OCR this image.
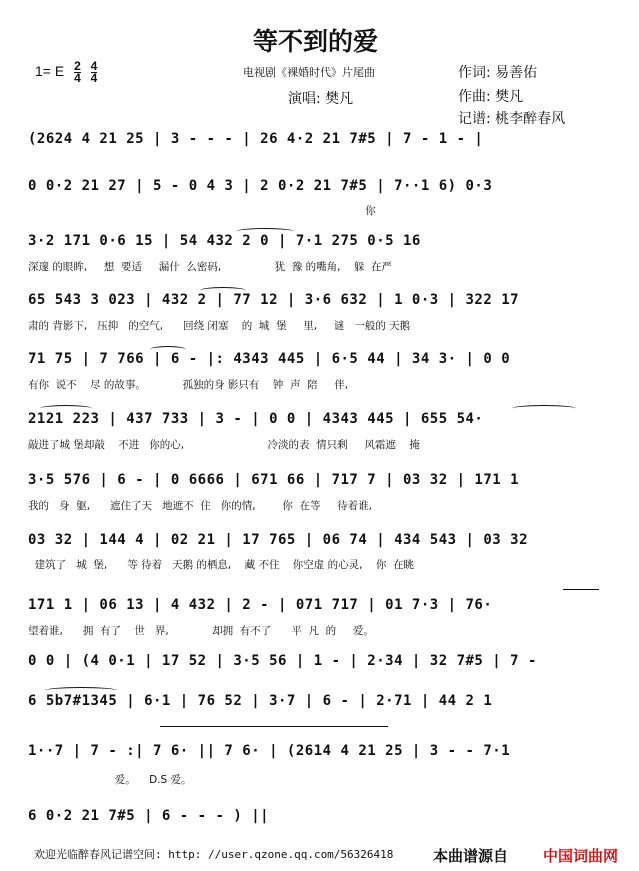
等不到的爱
1= E $\frac{2}{4}$
$\frac{4}{4}$	电视剧《裸婚时代》片尾曲
演唱: 樊凡
作词: 易善佑
作曲: 樊凡
记谱: 桃李醉春风
(2624 4 21 25 | 3 - - - | 26 4·2 21 7#5 | 7 - 1 - |
0 0·2 21 27 | 5 - 0 4 3 | 2 0·2 21 7#5 | 7··1 6) 0·3
你
3·2 171 0·6 15 | 54 432 2 0 | 7·1 275 0·5 16
深邃 的眼眸,     想  要适     漏什  么密码,                犹  豫 的嘴角,    躲  在严
65 543 3 023 | 432 2 | 77 12 | 3·6 632 | 1 0·3 | 322 17
肃的 背影下,   压抑   的空气,      回绕 闭塞    的  城  堡     里,     谜   一般的 天鹅
71 75 | 7 766 | 6 - |: 4343 445 | 6·5 44 | 34 3· | 0 0
有你  说不    尽 的故事。           孤独的身 影只有    钟  声  陪     伴,
2121 223 | 437 733 | 3 - | 0 0 | 4343 445 | 655 54·
敲进了城 堡却敲    不进   你的心,                         冷淡的表  情只剩     风霜遮    掩
3·5 576 | 6 - | 0 6666 | 671 66 | 717 7 | 03 32 | 171 1
我的   身  躯,      遮住了天   地遮不  住   你的情,        你  在等     待着谁,
03 32 | 144 4 | 02 21 | 17 765 | 06 74 | 434 543 | 03 32
建筑了   城  堡,      等 待着   天鹅 的栖息,    藏 不住    你空虚 的心灵,    你  在眺
171 1 | 06 13 | 4 432 | 2 - | 071 717 | 01 7·3 | 76·
望着谁,      拥  有了    世   界,             却拥  有不了      平  凡  的     爱。
0 0 | (4 0·1 | 17 52 | 3·5 56 | 1 - | 2·34 | 32 7#5 | 7 -
6 5b7#1345 | 6·1 | 76 52 | 3·7 | 6 - | 2·71 | 44 2 1
1··7 | 7 - :| 7 6· || 7 6· | (2614 4 21 25 | 3 - - 7·1
爱。    D.S 爱。
6 0·2 21 7#5 | 6 - - - ) ||
欢迎光临醉春风记谱空间: http: //user.qzone.qq.com/56326418	本曲谱源自 中国词曲网
